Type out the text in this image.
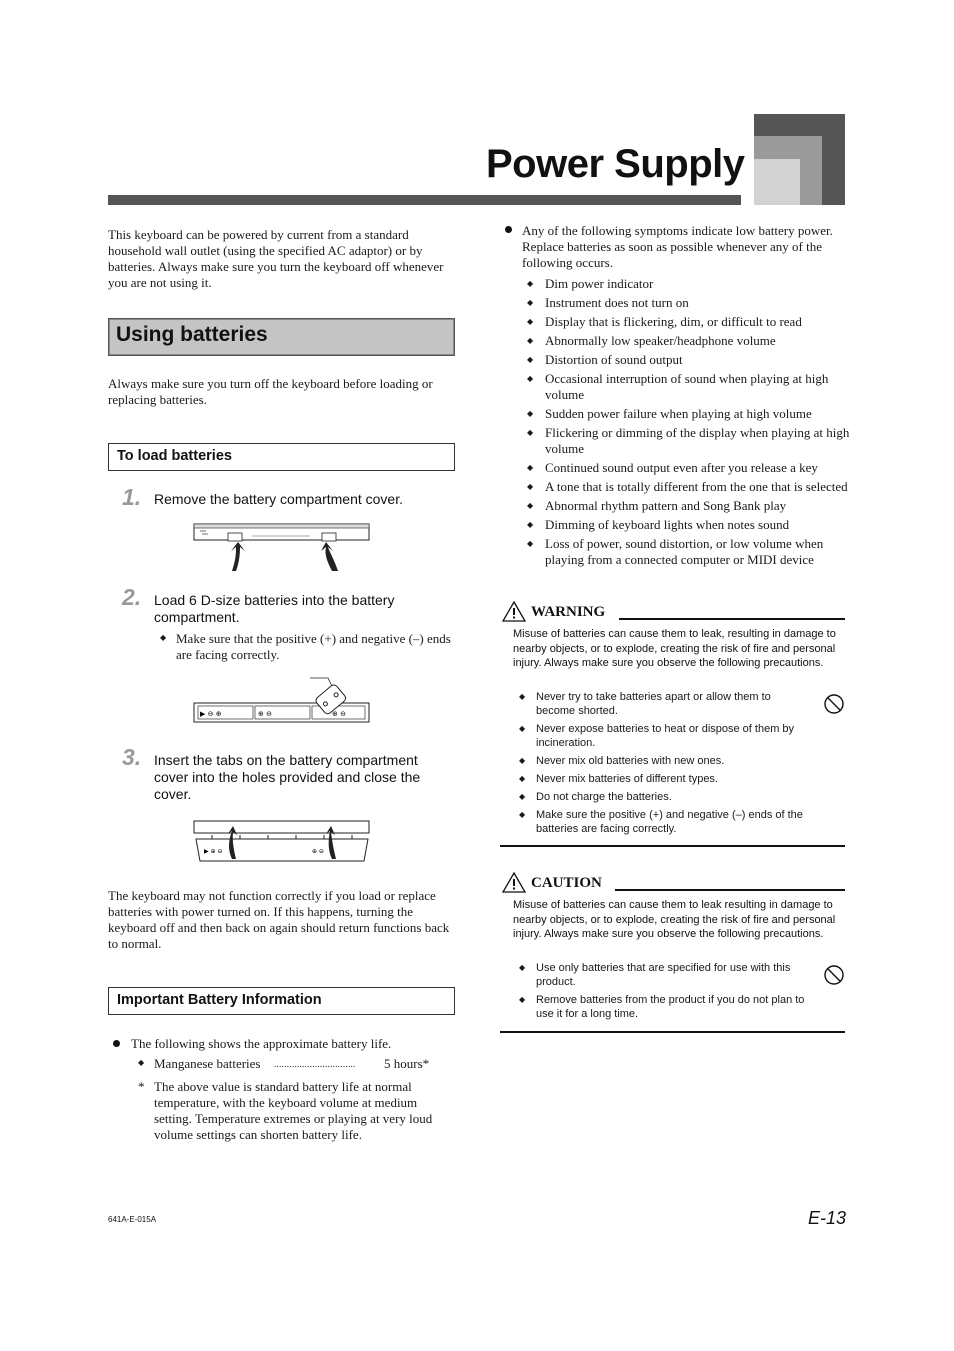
Power Supply
This keyboard can be powered by current from a standard household wall outlet (using the specified AC adaptor) or by batteries. Always make sure you turn the keyboard off whenever you are not using it.
Using batteries
Always make sure you turn off the keyboard before loading or replacing batteries.
To load batteries
1. Remove the battery compartment cover.
2. Load 6 D-size batteries into the battery compartment.
◆ Make sure that the positive (+) and negative (–) ends are facing correctly.
▶ ⊖ ⊕	⊕ ⊖	⊕ ⊖
3. Insert the tabs on the battery compartment cover into the holes provided and close the cover.
▶ ⊕ ⊖	⊕ ⊖
The keyboard may not function correctly if you load or replace batteries with power turned on. If this happens, turning the keyboard off and then back on again should return functions back to normal.
Important Battery Information
The following shows the approximate battery life.
◆ Manganese batteries ................................ 5 hours*
* The above value is standard battery life at normal temperature, with the keyboard volume at medium setting. Temperature extremes or playing at very loud volume settings can shorten battery life.
Any of the following symptoms indicate low battery power. Replace batteries as soon as possible whenever any of the following occurs.
◆ Dim power indicator
◆ Instrument does not turn on
◆ Display that is flickering, dim, or difficult to read
◆ Abnormally low speaker/headphone volume
◆ Distortion of sound output
◆ Occasional interruption of sound when playing at high volume
◆ Sudden power failure when playing at high volume
◆ Flickering or dimming of the display when playing at high volume
◆ Continued sound output even after you release a key
◆ A tone that is totally different from the one that is selected
◆ Abnormal rhythm pattern and Song Bank play
◆ Dimming of keyboard lights when notes sound
◆ Loss of power, sound distortion, or low volume when playing from a connected computer or MIDI device
WARNING
Misuse of batteries can cause them to leak, resulting in damage to nearby objects, or to explode, creating the risk of fire and personal injury. Always make sure you observe the following precautions.
◆ Never try to take batteries apart or allow them to become shorted.
◆ Never expose batteries to heat or dispose of them by incineration.
◆ Never mix old batteries with new ones.
◆ Never mix batteries of different types.
◆ Do not charge the batteries.
◆ Make sure the positive (+) and negative (–) ends of the batteries are facing correctly.
CAUTION
Misuse of batteries can cause them to leak resulting in damage to nearby objects, or to explode, creating the risk of fire and personal injury. Always make sure you observe the following precautions.
◆ Use only batteries that are specified for use with this product.
◆ Remove batteries from the product if you do not plan to use it for a long time.
641A-E-015A	E-13
